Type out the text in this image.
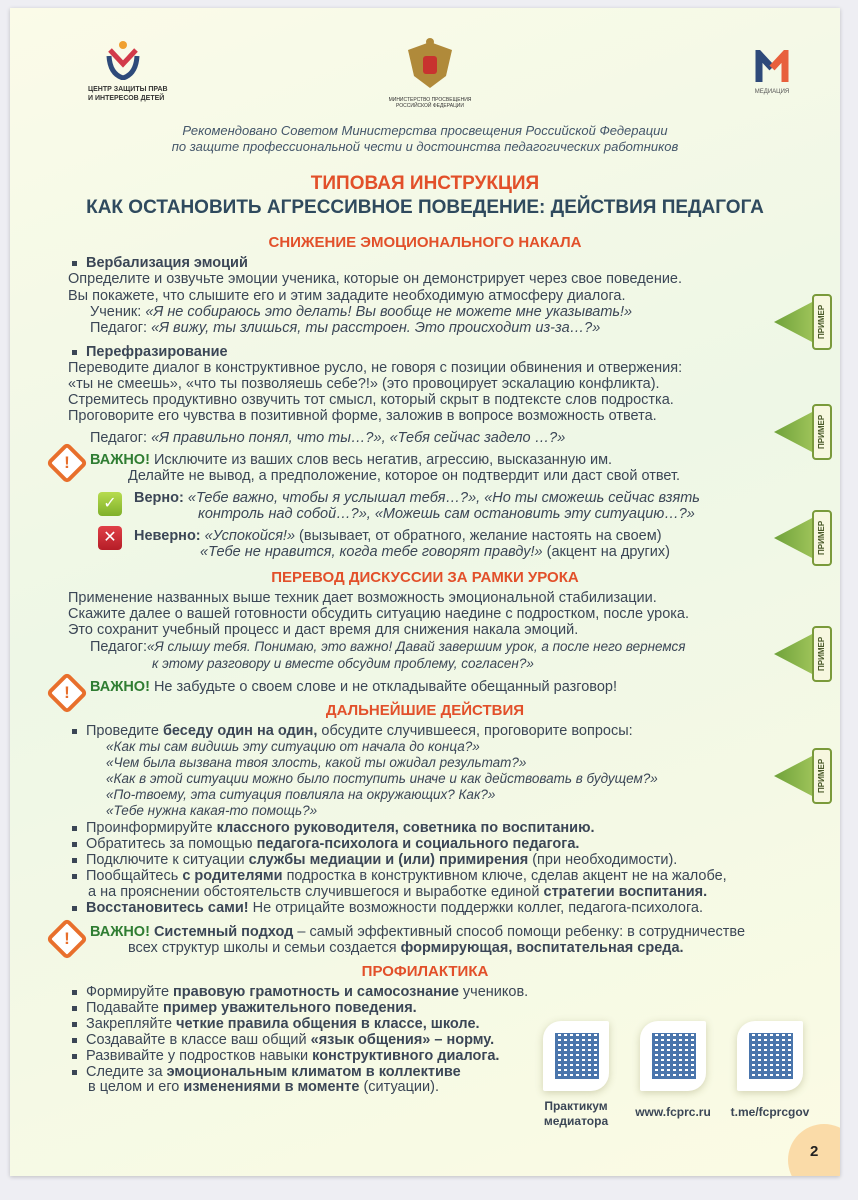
ЦЕНТР ЗАЩИТЫ ПРАВ
И ИНТЕРЕСОВ ДЕТЕЙ	МИНИСТЕРСТВО ПРОСВЕЩЕНИЯ
РОССИЙСКОЙ ФЕДЕРАЦИИ
МЕДИАЦИЯ
Рекомендовано Советом Министерства просвещения Российской Федерации
по защите профессиональной чести и достоинства педагогических работников
ТИПОВАЯ ИНСТРУКЦИЯ
КАК ОСТАНОВИТЬ АГРЕССИВНОЕ ПОВЕДЕНИЕ: ДЕЙСТВИЯ ПЕДАГОГА
СНИЖЕНИЕ ЭМОЦИОНАЛЬНОГО НАКАЛА
Вербализация эмоций
Определите и озвучьте эмоции ученика, которые он демонстрирует через свое поведение.
Вы покажете, что слышите его и этим зададите необходимую атмосферу диалога.
Ученик: «Я не собираюсь это делать! Вы вообще не можете мне указывать!»
Педагог: «Я вижу, ты злишься, ты расстроен. Это происходит из-за…?»
Перефразирование
Переводите диалог в конструктивное русло, не говоря с позиции обвинения и отвержения:
«ты не смеешь», «что ты позволяешь себе?!» (это провоцирует эскалацию конфликта).
Стремитесь продуктивно озвучить тот смысл, который скрыт в подтексте слов подростка.
Проговорите его чувства в позитивной форме, заложив в вопросе возможность ответа.
Педагог: «Я правильно понял, что ты…?», «Тебя сейчас задело …?»
!	ВАЖНО! Исключите из ваших слов весь негатив, агрессию, высказанную им.
Делайте не вывод, а предположение, которое он подтвердит или даст свой ответ.
✓	Верно: «Тебе важно, чтобы я услышал тебя…?», «Но ты сможешь сейчас взять
контроль над собой…?», «Можешь сам остановить эту ситуацию…?»
✕	Неверно: «Успокойся!» (вызывает, от обратного, желание настоять на своем)
«Тебе не нравится, когда тебе говорят правду!» (акцент на других)
ПЕРЕВОД ДИСКУССИИ ЗА РАМКИ УРОКА
Применение названных выше техник дает возможность эмоциональной стабилизации.
Скажите далее о вашей готовности обсудить ситуацию наедине с подростком, после урока.
Это сохранит учебный процесс и даст время для снижения накала эмоций.
Педагог:«Я слышу тебя. Понимаю, это важно! Давай завершим урок, а после него вернемся
к этому разговору и вместе обсудим проблему, согласен?»
!	ВАЖНО! Не забудьте о своем слове и не откладывайте обещанный разговор!
ДАЛЬНЕЙШИЕ ДЕЙСТВИЯ
Проведите беседу один на один, обсудите случившееся, проговорите вопросы:
«Как ты сам видишь эту ситуацию от начала до конца?»
«Чем была вызвана твоя злость, какой ты ожидал результат?»
«Как в этой ситуации можно было поступить иначе и как действовать в будущем?»
«По-твоему, эта ситуация повлияла на окружающих? Как?»
«Тебе нужна какая-то помощь?»
Проинформируйте классного руководителя, советника по воспитанию.
Обратитесь за помощью педагога-психолога и социального педагога.
Подключите к ситуации службы медиации и (или) примирения (при необходимости).
Пообщайтесь с родителями подростка в конструктивном ключе, сделав акцент не на жалобе,
а на прояснении обстоятельств случившегося и выработке единой стратегии воспитания.
Восстановитесь сами! Не отрицайте возможности поддержки коллег, педагога-психолога.
!	ВАЖНО! Системный подход – самый эффективный способ помощи ребенку: в сотрудничестве
всех структур школы и семьи создается формирующая, воспитательная среда.
ПРОФИЛАКТИКА
Формируйте правовую грамотность и самосознание учеников.
Подавайте пример уважительного поведения.
Закрепляйте четкие правила общения в классе, школе.
Создавайте в классе ваш общий «язык общения» – норму.
Развивайте у подростков навыки конструктивного диалога.
Следите за эмоциональным климатом в коллективе
в целом и его изменениями в моменте (ситуации).
Практикум
медиатора
www.fcprc.ru	t.me/fcprcgov
ПРИМЕР
ПРИМЕР
ПРИМЕР
ПРИМЕР
ПРИМЕР
2
